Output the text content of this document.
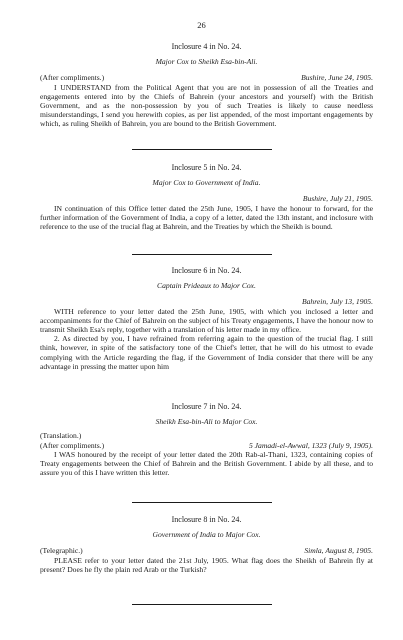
26
Inclosure 4 in No. 24.
Major Cox to Sheikh Esa-bin-Ali.
(After compliments.)	Bushire, June 24, 1905.
I UNDERSTAND from the Political Agent that you are not in possession of all the Treaties and engagements entered into by the Chiefs of Bahrein (your ancestors and yourself) with the British Government, and as the non-possession by you of such Treaties is likely to cause needless misunderstandings, I send you herewith copies, as per list appended, of the most important engagements by which, as ruling Sheikh of Bahrein, you are bound to the British Government.
Inclosure 5 in No. 24.
Major Cox to Government of India.
Bushire, July 21, 1905.
IN continuation of this Office letter dated the 25th June, 1905, I have the honour to forward, for the further information of the Government of India, a copy of a letter, dated the 13th instant, and inclosure with reference to the use of the trucial flag at Bahrein, and the Treaties by which the Sheikh is bound.
Inclosure 6 in No. 24.
Captain Prideaux to Major Cox.
Bahrein, July 13, 1905.
WITH reference to your letter dated the 25th June, 1905, with which you inclosed a letter and accompaniments for the Chief of Bahrein on the subject of his Treaty engagements, I have the honour now to transmit Sheikh Esa's reply, together with a translation of his letter made in my office.
2. As directed by you, I have refrained from referring again to the question of the trucial flag. I still think, however, in spite of the satisfactory tone of the Chief's letter, that he will do his utmost to evade complying with the Article regarding the flag, if the Government of India consider that there will be any advantage in pressing the matter upon him
Inclosure 7 in No. 24.
Sheikh Esa-bin-Ali to Major Cox.
(Translation.)
(After compliments.)	5 Jamadi-el-Awwal, 1323 (July 9, 1905).
I WAS honoured by the receipt of your letter dated the 20th Rab-al-Thani, 1323, containing copies of Treaty engagements between the Chief of Bahrein and the British Government. I abide by all these, and to assure you of this I have written this letter.
Inclosure 8 in No. 24.
Government of India to Major Cox.
(Telegraphic.)	Simla, August 8, 1905.
PLEASE refer to your letter dated the 21st July, 1905. What flag does the Sheikh of Bahrein fly at present? Does he fly the plain red Arab or the Turkish?
